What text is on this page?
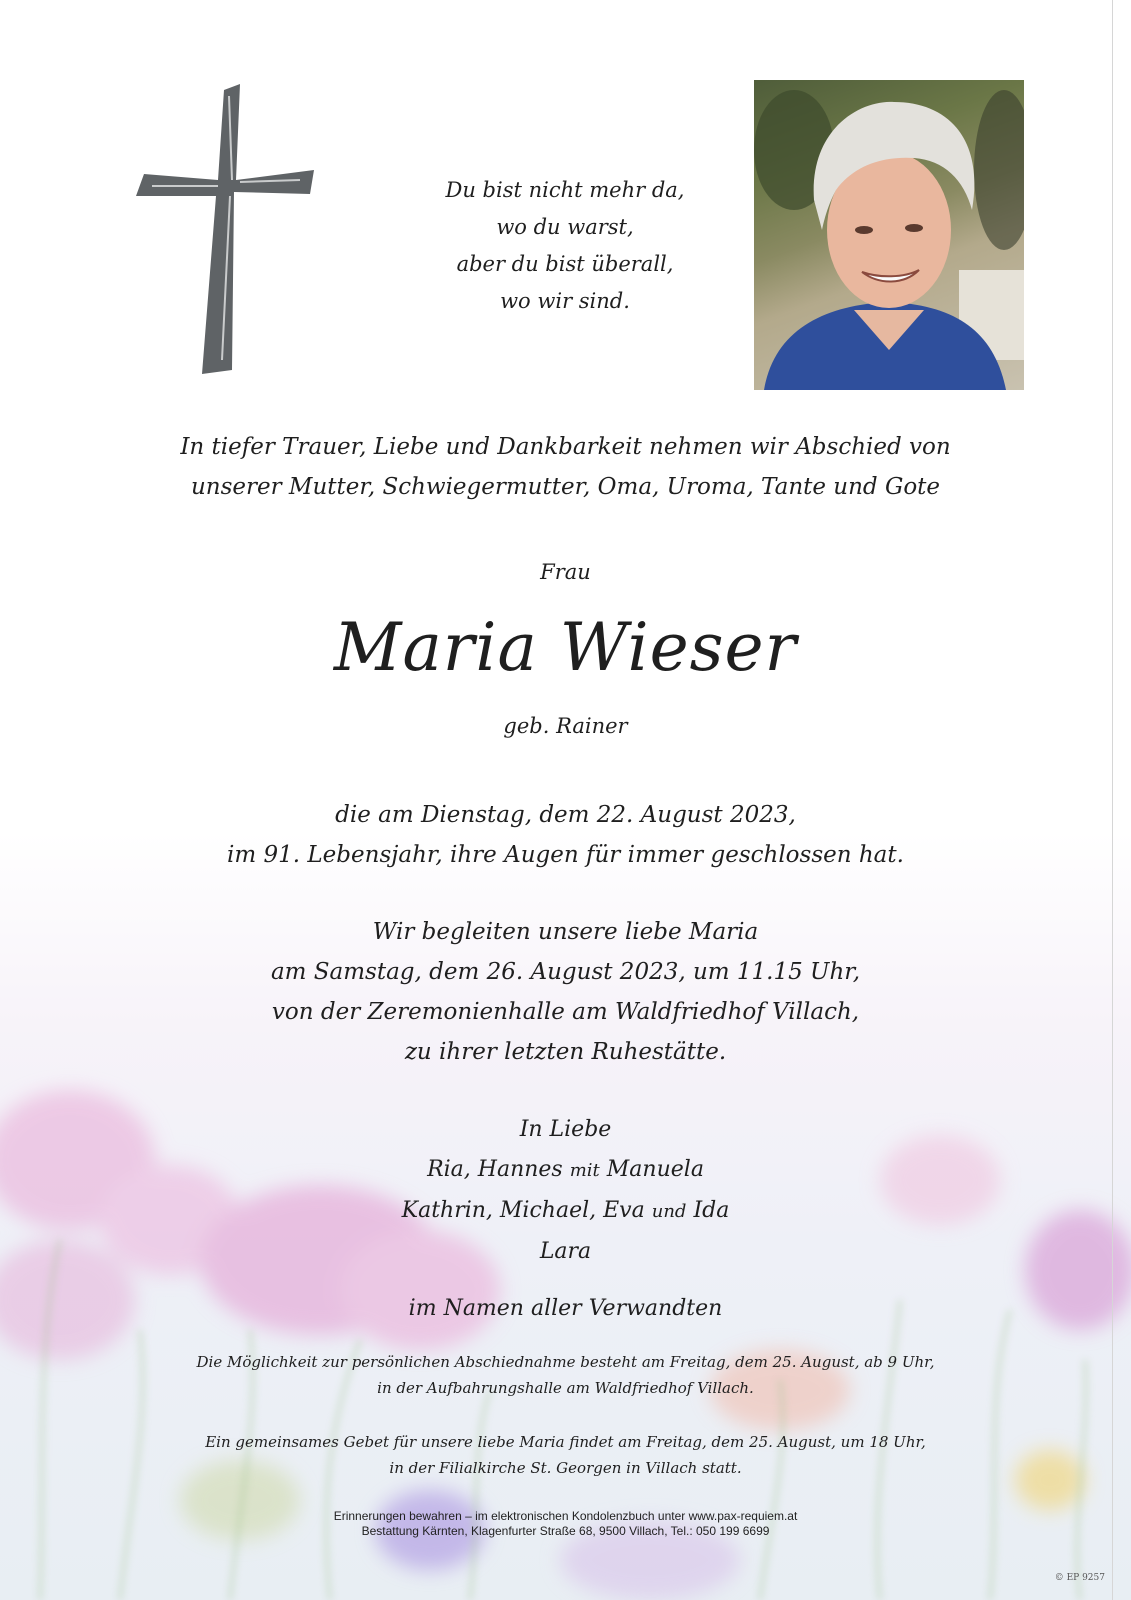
Du bist nicht mehr da,
wo du warst,
aber du bist überall,
wo wir sind.
In tiefer Trauer, Liebe und Dankbarkeit nehmen wir Abschied von
unserer Mutter, Schwiegermutter, Oma, Uroma, Tante und Gote
Frau
Maria Wieser
geb. Rainer
die am Dienstag, dem 22. August 2023,
im 91. Lebensjahr, ihre Augen für immer geschlossen hat.
Wir begleiten unsere liebe Maria
am Samstag, dem 26. August 2023, um 11.15 Uhr,
von der Zeremonienhalle am Waldfriedhof Villach,
zu ihrer letzten Ruhestätte.
In Liebe
Ria, Hannes mit Manuela
Kathrin, Michael, Eva und Ida
Lara
im Namen aller Verwandten
Die Möglichkeit zur persönlichen Abschiednahme besteht am Freitag, dem 25. August, ab 9 Uhr,
in der Aufbahrungshalle am Waldfriedhof Villach.
Ein gemeinsames Gebet für unsere liebe Maria findet am Freitag, dem 25. August, um 18 Uhr,
in der Filialkirche St. Georgen in Villach statt.
Erinnerungen bewahren – im elektronischen Kondolenzbuch unter www.pax-requiem.at
Bestattung Kärnten, Klagenfurter Straße 68, 9500 Villach, Tel.: 050 199 6699
© EP 9257
